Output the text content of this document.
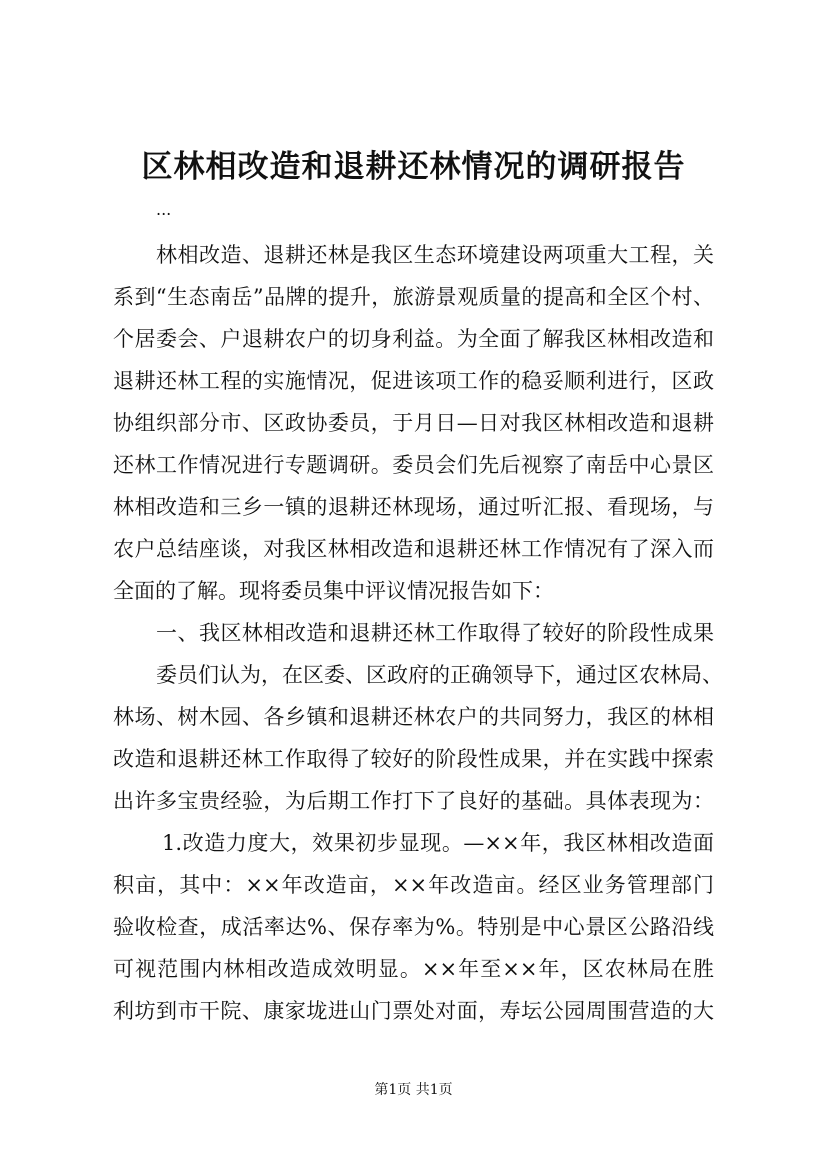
区林相改造和退耕还林情况的调研报告
...
林相改造、退耕还林是我区生态环境建设两项重大工程，关
系到“生态南岳”品牌的提升，旅游景观质量的提高和全区个村、
个居委会、户退耕农户的切身利益。为全面了解我区林相改造和
退耕还林工程的实施情况，促进该项工作的稳妥顺利进行，区政
协组织部分市、区政协委员，于月日—日对我区林相改造和退耕
还林工作情况进行专题调研。委员会们先后视察了南岳中心景区
林相改造和三乡一镇的退耕还林现场，通过听汇报、看现场，与
农户总结座谈，对我区林相改造和退耕还林工作情况有了深入而
全面的了解。现将委员集中评议情况报告如下：
一、我区林相改造和退耕还林工作取得了较好的阶段性成果
委员们认为，在区委、区政府的正确领导下，通过区农林局、
林场、树木园、各乡镇和退耕还林农户的共同努力，我区的林相
改造和退耕还林工作取得了较好的阶段性成果，并在实践中探索
出许多宝贵经验，为后期工作打下了良好的基础。具体表现为：
1.改造力度大，效果初步显现。—××年，我区林相改造面
积亩，其中：××年改造亩，××年改造亩。经区业务管理部门
验收检查，成活率达%、保存率为%。特别是中心景区公路沿线
可视范围内林相改造成效明显。××年至××年，区农林局在胜
利坊到市干院、康家垅进山门票处对面，寿坛公园周围营造的大
第1页 共1页
